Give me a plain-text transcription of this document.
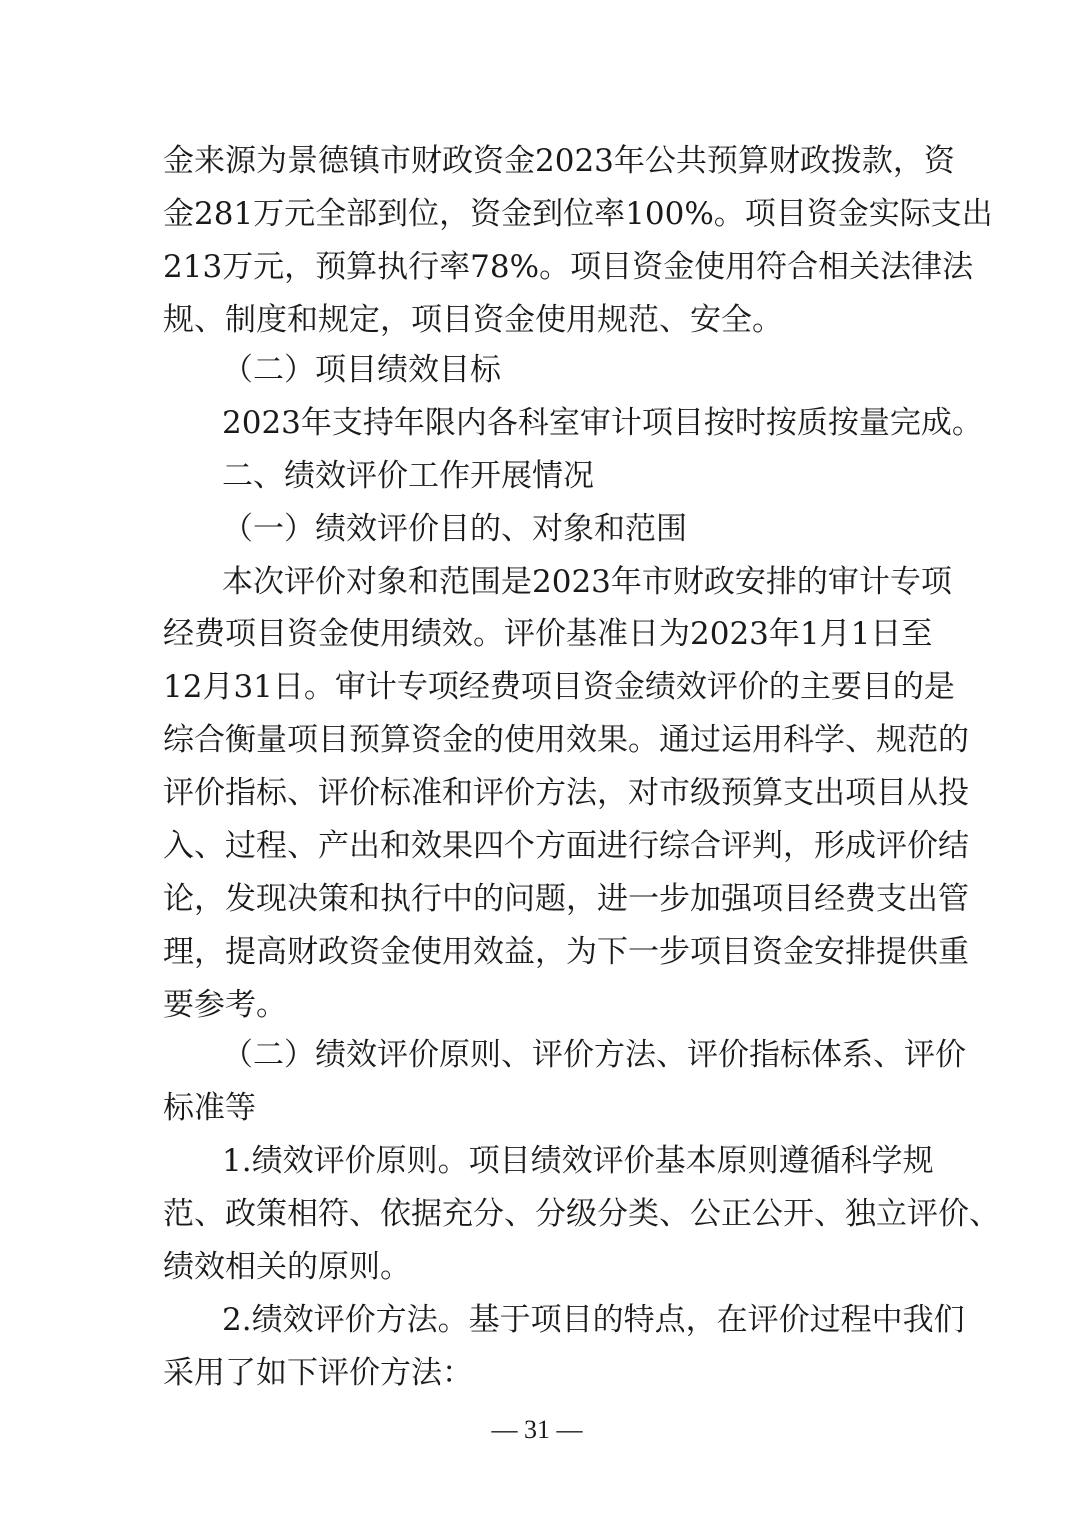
金来源为景德镇市财政资金2023年公共预算财政拨款，资
金281万元全部到位，资金到位率100%。项目资金实际支出
213万元，预算执行率78%。项目资金使用符合相关法律法
规、制度和规定，项目资金使用规范、安全。
（二）项目绩效目标
2023年支持年限内各科室审计项目按时按质按量完成。
二、绩效评价工作开展情况
（一）绩效评价目的、对象和范围
本次评价对象和范围是2023年市财政安排的审计专项
经费项目资金使用绩效。评价基准日为2023年1月1日至
12月31日。审计专项经费项目资金绩效评价的主要目的是
综合衡量项目预算资金的使用效果。通过运用科学、规范的
评价指标、评价标准和评价方法，对市级预算支出项目从投
入、过程、产出和效果四个方面进行综合评判，形成评价结
论，发现决策和执行中的问题，进一步加强项目经费支出管
理，提高财政资金使用效益，为下一步项目资金安排提供重
要参考。
（二）绩效评价原则、评价方法、评价指标体系、评价
标准等
1.绩效评价原则。项目绩效评价基本原则遵循科学规
范、政策相符、依据充分、分级分类、公正公开、独立评价、
绩效相关的原则。
2.绩效评价方法。基于项目的特点，在评价过程中我们
采用了如下评价方法：
— 31 —
